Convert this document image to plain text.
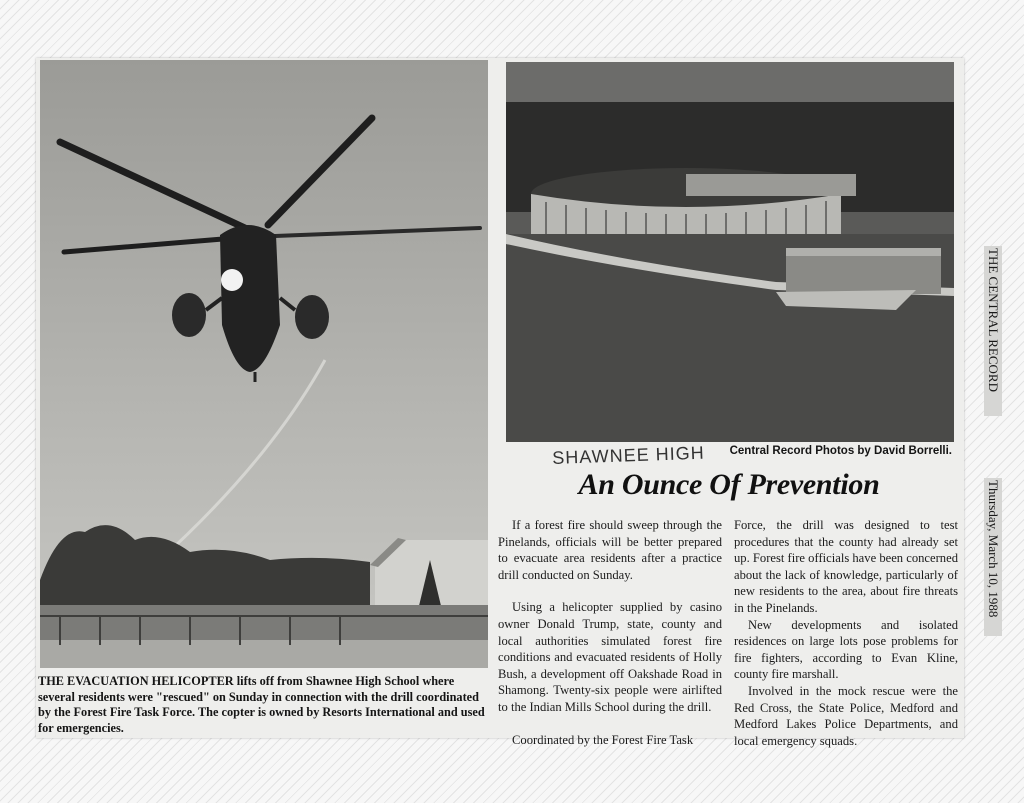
Central Record Photos by David Borrelli.
SHAWNEE HIGH
An Ounce Of Prevention

If a forest fire should sweep through the Pinelands, officials will be better prepared to evacuate area residents after a practice drill conducted on Sunday.

Using a helicopter supplied by casino owner Donald Trump, state, county and local authorities simulated forest fire conditions and evacuated residents of Holly Bush, a development off Oakshade Road in Shamong. Twenty-six people were airlifted to the Indian Mills School during the drill.

Coordinated by the Forest Fire Task

Force, the drill was designed to test procedures that the county had already set up. Forest fire officials have been concerned about the lack of knowledge, particularly of new residents to the area, about fire threats in the Pinelands.

New developments and isolated residences on large lots pose problems for fire fighters, according to Evan Kline, county fire marshall.

Involved in the mock rescue were the Red Cross, the State Police, Medford and Medford Lakes Police Departments, and local emergency squads.

THE EVACUATION HELICOPTER lifts off from Shawnee High School where several residents were "rescued" on Sunday in connection with the drill coordinated by the Forest Fire Task Force. The copter is owned by Resorts International and used for emergencies.
THE CENTRAL RECORD
Thursday, March 10, 1988
